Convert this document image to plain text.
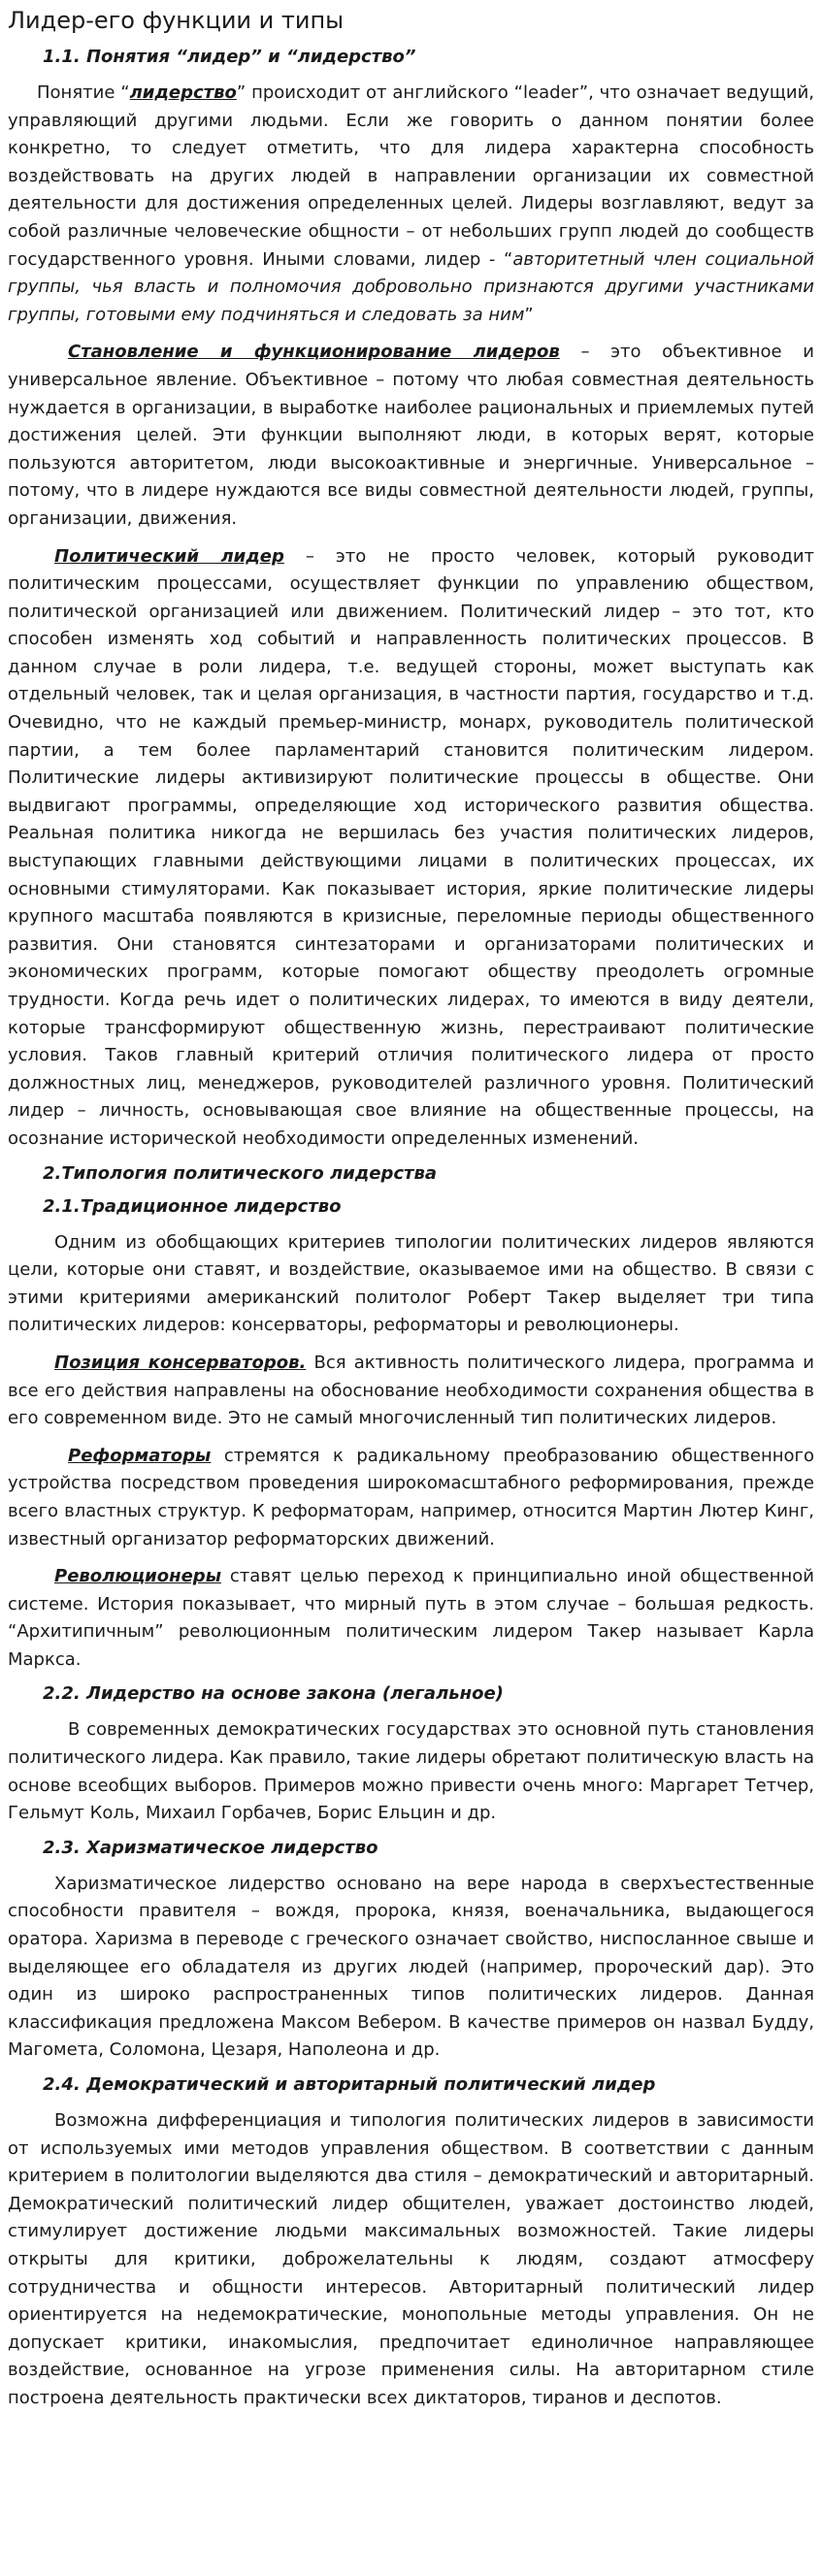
Лидер-его функции и типы
1.1. Понятия “лидер” и “лидерство”

Понятие “лидерство” происходит от английского “leader”, что означает ведущий, управляющий другими людьми. Если же говорить о данном понятии более конкретно, то следует отметить, что для лидера характерна способность воздействовать на других людей в направлении организации их совместной деятельности для достижения определенных целей. Лидеры возглавляют, ведут за собой различные человеческие общности – от небольших групп людей до сообществ государственного уровня. Иными словами, лидер - “авторитетный член социальной группы, чья власть и полномочия добровольно признаются другими участниками группы, готовыми ему подчиняться и следовать за ним”

Становление и функционирование лидеров – это объективное и универсальное явление. Объективное – потому что любая совместная деятельность нуждается в организации, в выработке наиболее рациональных и приемлемых путей достижения целей. Эти функции выполняют люди, в которых верят, которые пользуются авторитетом, люди высокоактивные и энергичные. Универсальное – потому, что в лидере нуждаются все виды совместной деятельности людей, группы, организации, движения.

Политический лидер – это не просто человек, который руководит политическим процессами, осуществляет функции по управлению обществом, политической организацией или движением. Политический лидер – это тот, кто способен изменять ход событий и направленность политических процессов. В данном случае в роли лидера, т.е. ведущей стороны, может выступать как отдельный человек, так и целая организация, в частности партия, государство и т.д. Очевидно, что не каждый премьер-министр, монарх, руководитель политической партии, а тем более парламентарий становится политическим лидером. Политические лидеры активизируют политические процессы в обществе. Они выдвигают программы, определяющие ход исторического развития общества. Реальная политика никогда не вершилась без участия политических лидеров, выступающих главными действующими лицами в политических процессах, их основными стимуляторами. Как показывает история, яркие политические лидеры крупного масштаба появляются в кризисные, переломные периоды общественного развития. Они становятся синтезаторами и организаторами политических и экономических программ, которые помогают обществу преодолеть огромные трудности. Когда речь идет о политических лидерах, то имеются в виду деятели, которые трансформируют общественную жизнь, перестраивают политические условия. Таков главный критерий отличия политического лидера от просто должностных лиц, менеджеров, руководителей различного уровня. Политический лидер – личность, основывающая свое влияние на общественные процессы, на осознание исторической необходимости определенных изменений.

2.Типология политического лидерства
2.1.Традиционное лидерство

Одним из обобщающих критериев типологии политических лидеров являются цели, которые они ставят, и воздействие, оказываемое ими на общество. В связи с этими критериями американский политолог Роберт Такер выделяет три типа политических лидеров: консерваторы, реформаторы и революционеры.

Позиция консерваторов. Вся активность политического лидера, программа и все его действия направлены на обоснование необходимости сохранения общества в его современном виде. Это не самый многочисленный тип политических лидеров.

Реформаторы стремятся к радикальному преобразованию общественного устройства посредством проведения широкомасштабного реформирования, прежде всего властных структур. К реформаторам, например, относится Мартин Лютер Кинг, известный организатор реформаторских движений.

Революционеры ставят целью переход к принципиально иной общественной системе. История показывает, что мирный путь в этом случае – большая редкость. “Архитипичным” революционным политическим лидером Такер называет Карла Маркса.

2.2. Лидерство на основе закона (легальное)

В современных демократических государствах это основной путь становления политического лидера. Как правило, такие лидеры обретают политическую власть на основе всеобщих выборов. Примеров можно привести очень много: Маргарет Тетчер, Гельмут Коль, Михаил Горбачев, Борис Ельцин и др.

2.3. Харизматическое лидерство

Харизматическое лидерство основано на вере народа в сверхъестественные способности правителя – вождя, пророка, князя, военачальника, выдающегося оратора. Харизма в переводе с греческого означает свойство, ниспосланное свыше и выделяющее его обладателя из других людей (например, пророческий дар). Это один из широко распространенных типов политических лидеров. Данная классификация предложена Максом Вебером. В качестве примеров он назвал Будду, Магомета, Соломона, Цезаря, Наполеона и др.

2.4. Демократический и авторитарный политический лидер

Возможна дифференциация и типология политических лидеров в зависимости от используемых ими методов управления обществом. В соответствии с данным критерием в политологии выделяются два стиля – демократический и авторитарный. Демократический политический лидер общителен, уважает достоинство людей, стимулирует достижение людьми максимальных возможностей. Такие лидеры открыты для критики, доброжелательны к людям, создают атмосферу сотрудничества и общности интересов. Авторитарный политический лидер ориентируется на недемократические, монопольные методы управления. Он не допускает критики, инакомыслия, предпочитает единоличное направляющее воздействие, основанное на угрозе применения силы. На авторитарном стиле построена деятельность практически всех диктаторов, тиранов и деспотов.
